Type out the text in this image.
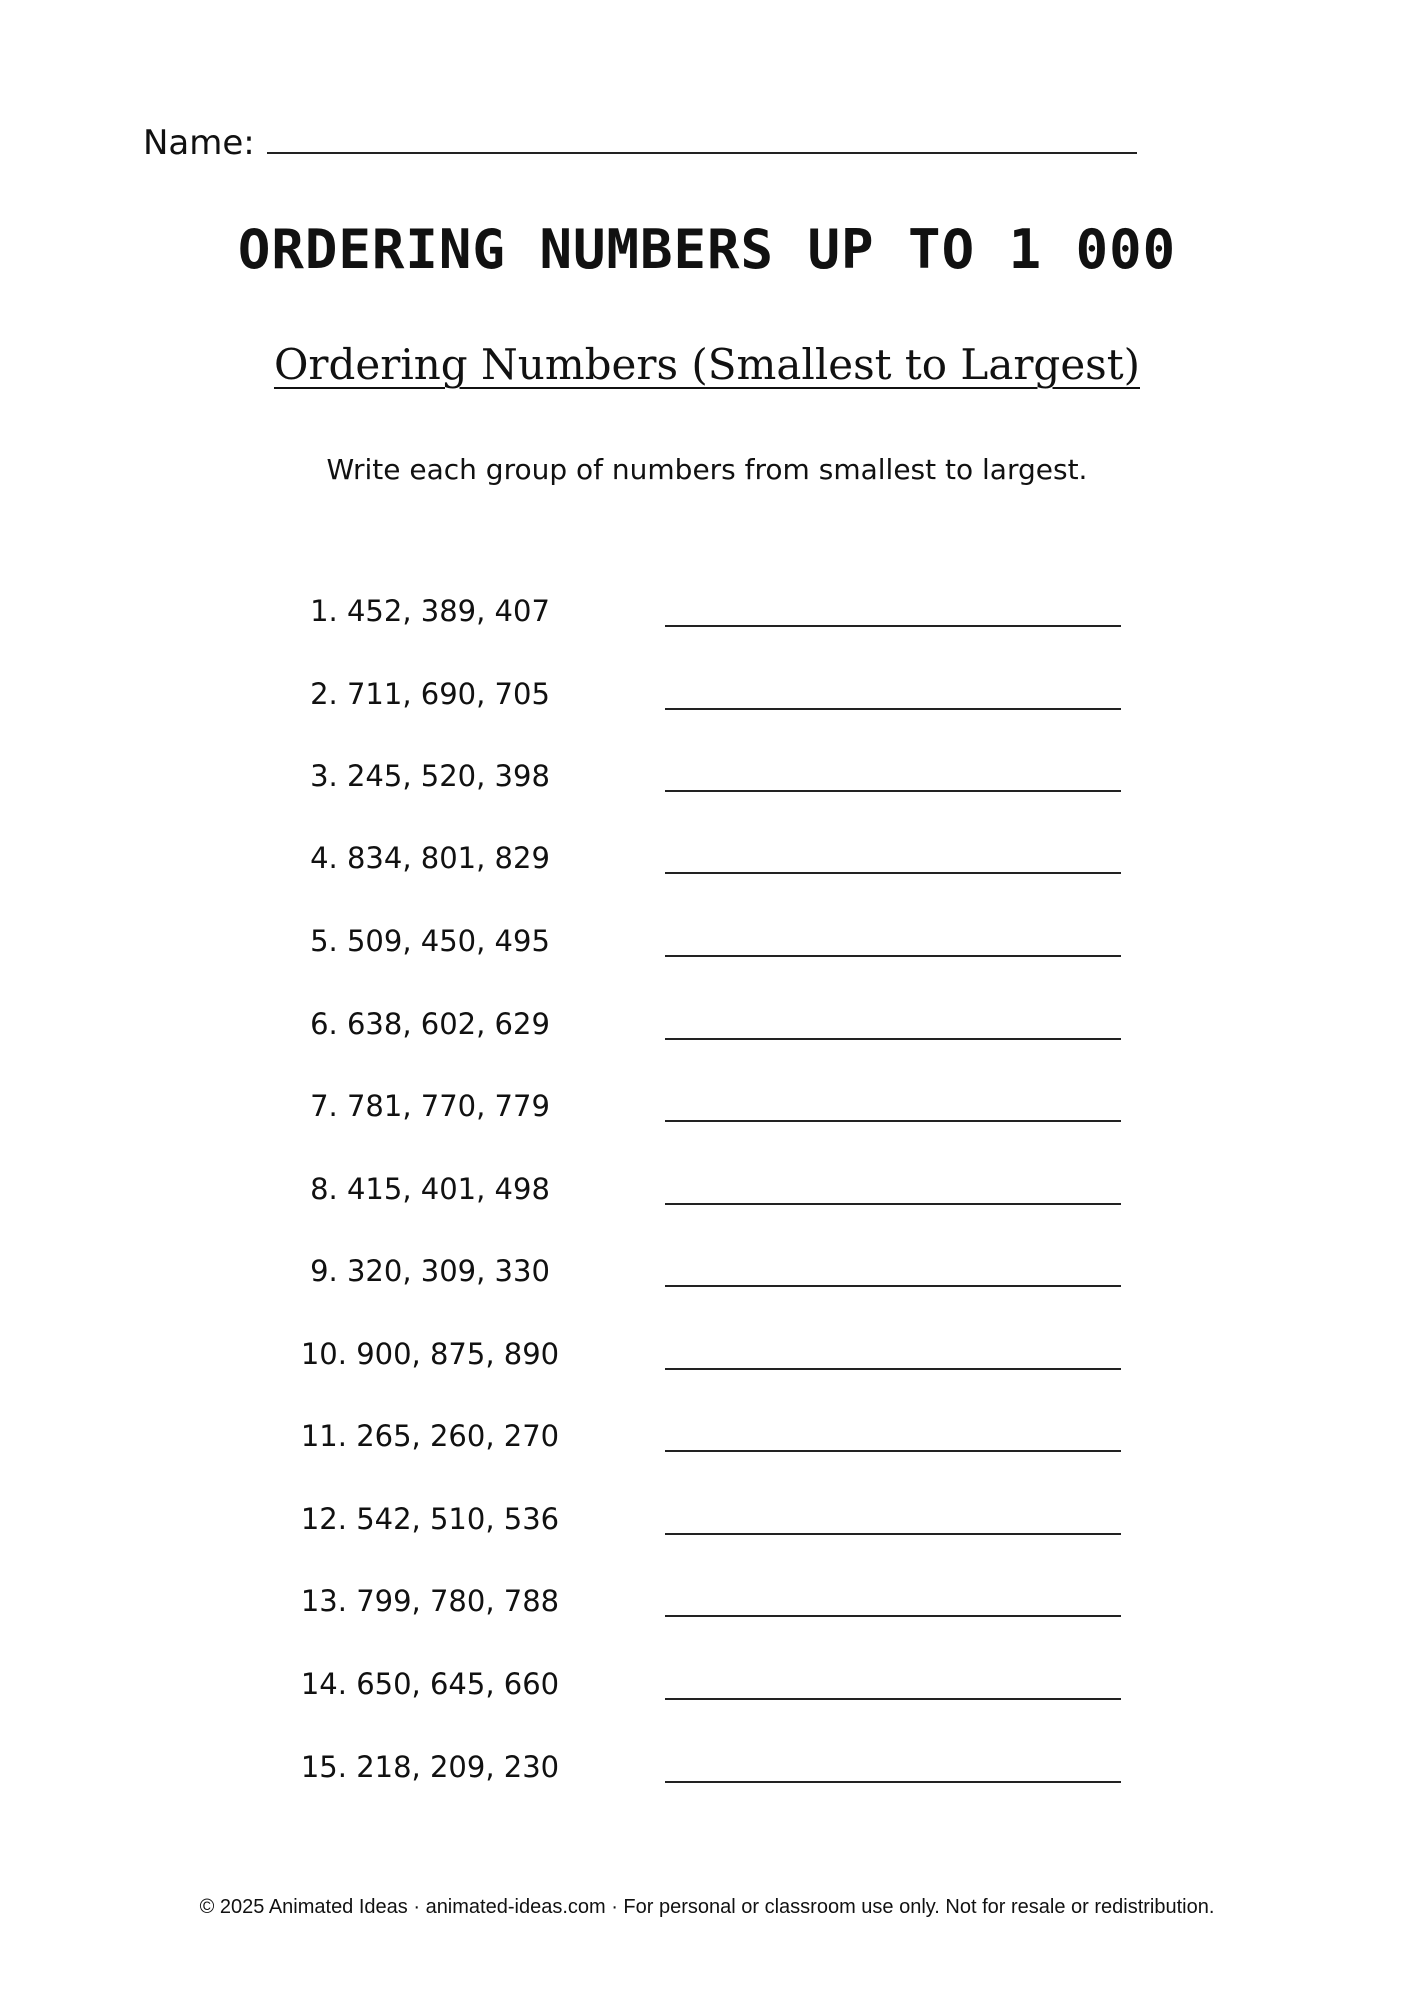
Name:
ORDERING NUMBERS UP TO 1 000
Ordering Numbers (Smallest to Largest)
Write each group of numbers from smallest to largest.
1. 452, 389, 407
2. 711, 690, 705
3. 245, 520, 398
4. 834, 801, 829
5. 509, 450, 495
6. 638, 602, 629
7. 781, 770, 779
8. 415, 401, 498
9. 320, 309, 330
10. 900, 875, 890
11. 265, 260, 270
12. 542, 510, 536
13. 799, 780, 788
14. 650, 645, 660
15. 218, 209, 230
© 2025 Animated Ideas · animated-ideas.com · For personal or classroom use only. Not for resale or redistribution.
